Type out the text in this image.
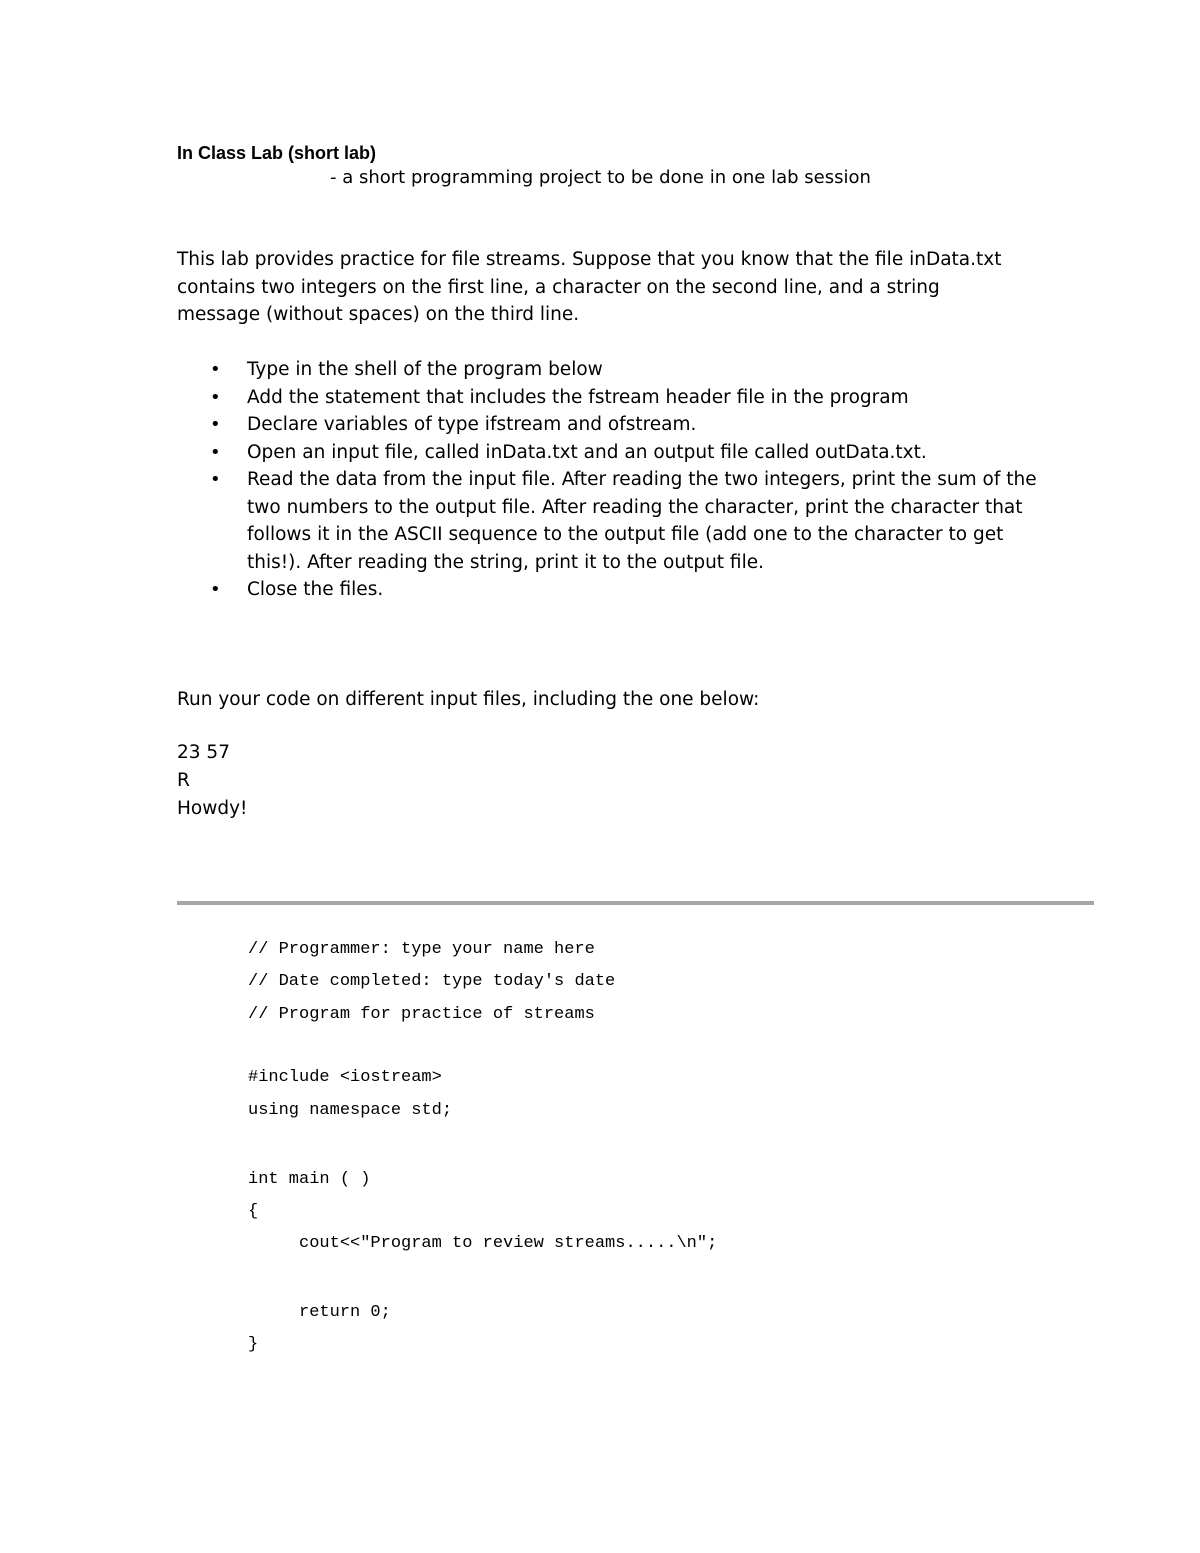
In Class Lab (short lab)

- a short programming project to be done in one lab session

This lab provides practice for file streams. Suppose that you know that the file inData.txt contains two integers on the first line, a character on the second line, and a string message (without spaces) on the third line.

• Type in the shell of the program below
• Add the statement that includes the fstream header file in the program
• Declare variables of type ifstream and ofstream.
• Open an input file, called inData.txt and an output file called outData.txt.
• Read the data from the input file. After reading the two integers, print the sum of the two numbers to the output file. After reading the character, print the character that follows it in the ASCII sequence to the output file (add one to the character to get this!). After reading the string, print it to the output file.
• Close the files.

Run your code on different input files, including the one below:

23 57
R
Howdy!
// Programmer: type your name here
// Date completed: type today's date
// Program for practice of streams
#include <iostream>
using namespace std;
int main ( )
{
cout<<"Program to review streams.....\n";
return 0;
}
